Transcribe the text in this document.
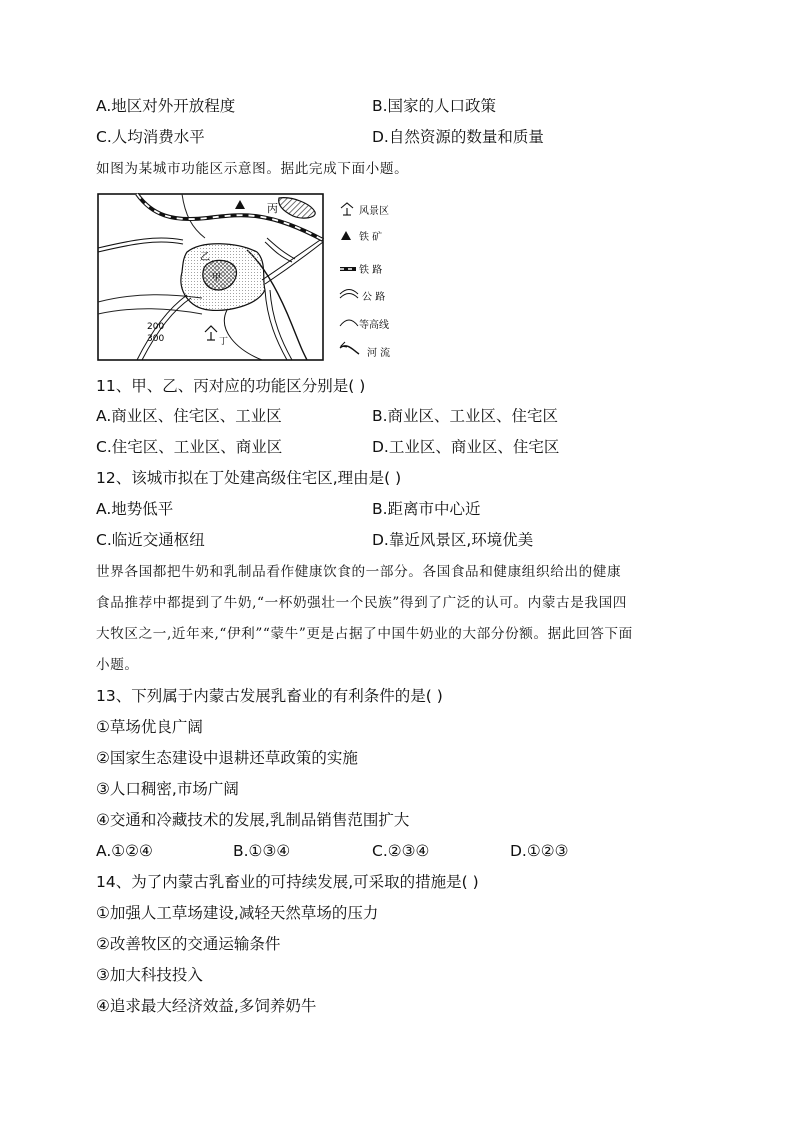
A.地区对外开放程度	B.国家的人口政策
C.人均消费水平	D.自然资源的数量和质量
如图为某城市功能区示意图。据此完成下面小题。
丙
乙
甲
丁
200
300
风景区
铁 矿
铁 路
公 路
等高线
河 流
11、甲、乙、丙对应的功能区分别是( )
A.商业区、住宅区、工业区	B.商业区、工业区、住宅区
C.住宅区、工业区、商业区	D.工业区、商业区、住宅区
12、该城市拟在丁处建高级住宅区,理由是( )
A.地势低平	B.距离市中心近
C.临近交通枢纽	D.靠近风景区,环境优美
世界各国都把牛奶和乳制品看作健康饮食的一部分。各国食品和健康组织给出的健康
食品推荐中都提到了牛奶,“一杯奶强壮一个民族”得到了广泛的认可。内蒙古是我国四
大牧区之一,近年来,“伊利”“蒙牛”更是占据了中国牛奶业的大部分份额。据此回答下面
小题。
13、下列属于内蒙古发展乳畜业的有利条件的是( )
①草场优良广阔
②国家生态建设中退耕还草政策的实施
③人口稠密,市场广阔
④交通和冷藏技术的发展,乳制品销售范围扩大
A.①②④	B.①③④	C.②③④	D.①②③
14、为了内蒙古乳畜业的可持续发展,可采取的措施是( )
①加强人工草场建设,减轻天然草场的压力
②改善牧区的交通运输条件
③加大科技投入
④追求最大经济效益,多饲养奶牛
